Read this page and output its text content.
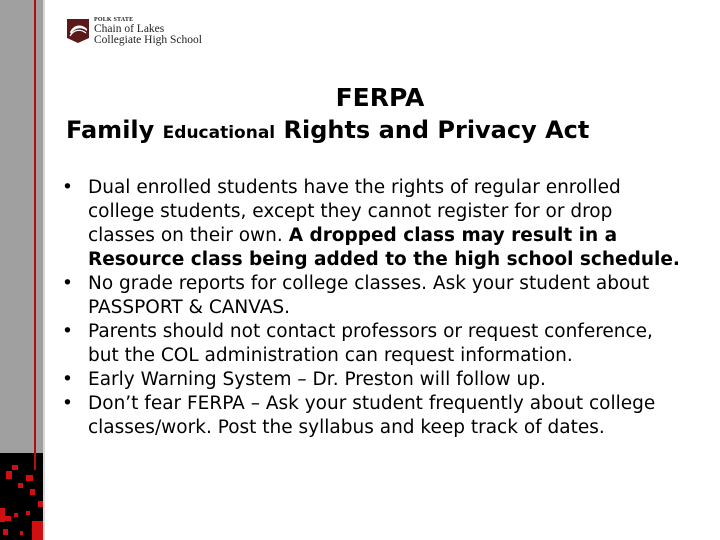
POLK STATE
Chain of Lakes
Collegiate High School
FERPA
Family Educational Rights and Privacy Act
• Dual enrolled students have the rights of regular enrolled college students, except they cannot register for or drop classes on their own. A dropped class may result in a Resource class being added to the high school schedule.
• No grade reports for college classes. Ask your student about PASSPORT & CANVAS.
• Parents should not contact professors or request conference, but the COL administration can request information.
• Early Warning System – Dr. Preston will follow up.
• Don’t fear FERPA – Ask your student frequently about college classes/work. Post the syllabus and keep track of dates.
